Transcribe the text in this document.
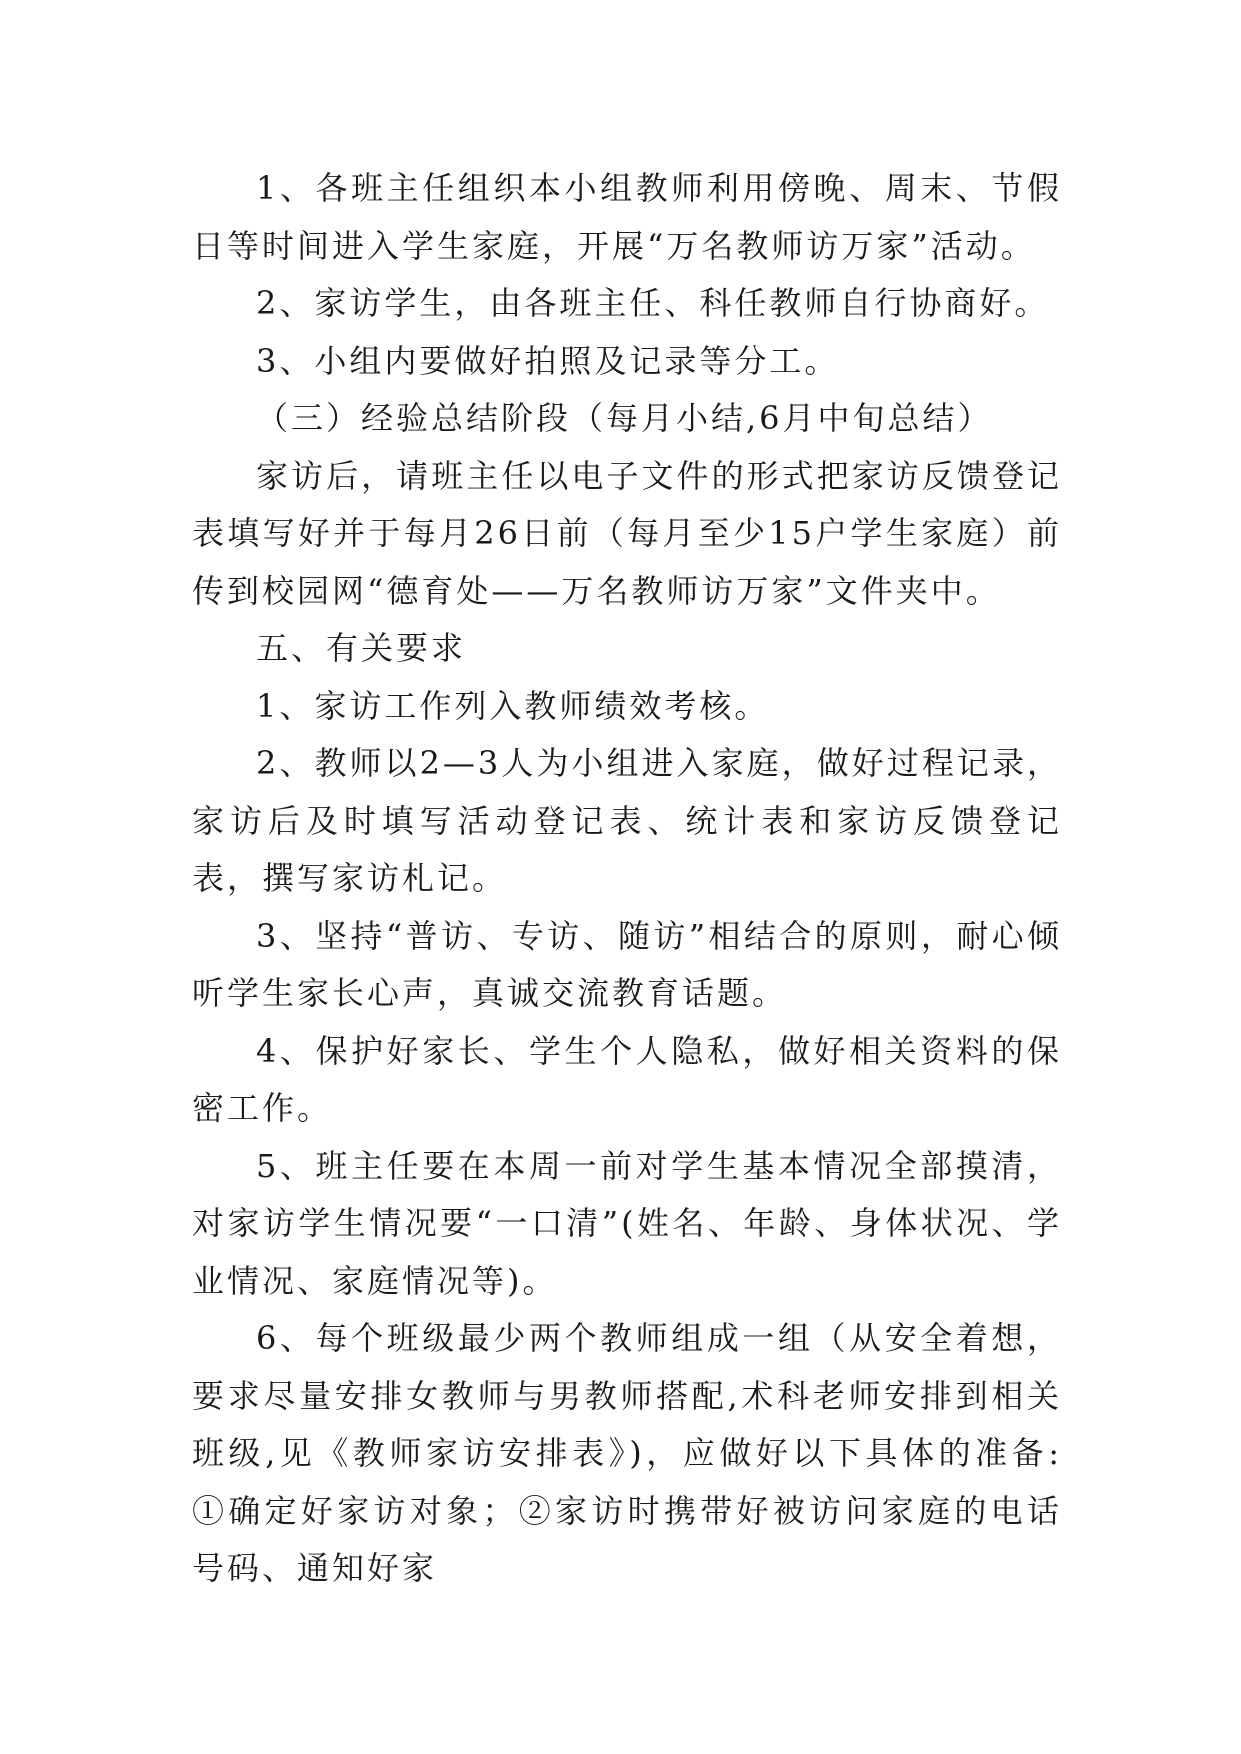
1、各班主任组织本小组教师利用傍晚、周末、节假日等时间进入学生家庭，开展“万名教师访万家”活动。

2、家访学生，由各班主任、科任教师自行协商好。

3、小组内要做好拍照及记录等分工。

（三）经验总结阶段（每月小结,6月中旬总结）

家访后，请班主任以电子文件的形式把家访反馈登记表填写好并于每月26日前（每月至少15户学生家庭）前传到校园网“德育处——万名教师访万家”文件夹中。

五、有关要求

1、家访工作列入教师绩效考核。

2、教师以2—3人为小组进入家庭，做好过程记录，家访后及时填写活动登记表、统计表和家访反馈登记表，撰写家访札记。

3、坚持“普访、专访、随访”相结合的原则，耐心倾听学生家长心声，真诚交流教育话题。

4、保护好家长、学生个人隐私，做好相关资料的保密工作。

5、班主任要在本周一前对学生基本情况全部摸清，对家访学生情况要“一口清”(姓名、年龄、身体状况、学业情况、家庭情况等)。

6、每个班级最少两个教师组成一组（从安全着想，要求尽量安排女教师与男教师搭配,术科老师安排到相关班级,见《教师家访安排表》)，应做好以下具体的准备: ①确定好家访对象；②家访时携带好被访问家庭的电话号码、通知好家
